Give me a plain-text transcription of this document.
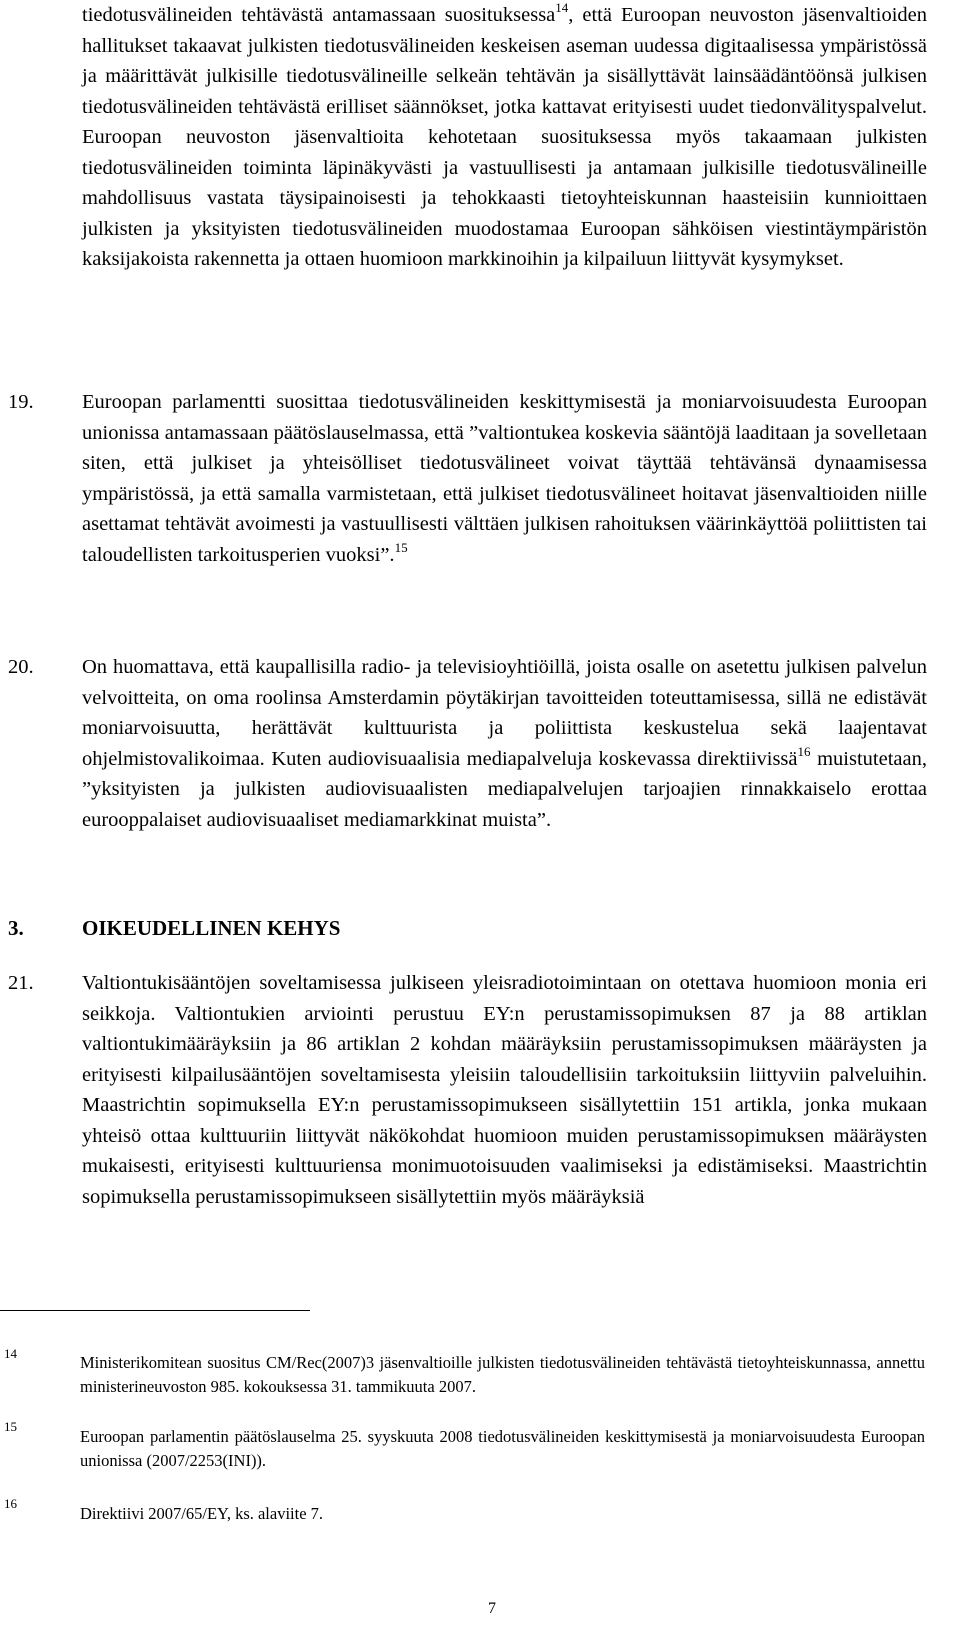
tiedotusvälineiden tehtävästä antamassaan suosituksessa$^{14}$, että Euroopan neuvoston jäsenvaltioiden hallitukset takaavat julkisten tiedotusvälineiden keskeisen aseman uudessa digitaalisessa ympäristössä ja määrittävät julkisille tiedotusvälineille selkeän tehtävän ja sisällyttävät lainsäädäntöönsä julkisen tiedotusvälineiden tehtävästä erilliset säännökset, jotka kattavat erityisesti uudet tiedonvälityspalvelut. Euroopan neuvoston jäsenvaltioita kehotetaan suosituksessa myös takaamaan julkisten tiedotusvälineiden toiminta läpinäkyvästi ja vastuullisesti ja antamaan julkisille tiedotusvälineille mahdollisuus vastata täysipainoisesti ja tehokkaasti tietoyhteiskunnan haasteisiin kunnioittaen julkisten ja yksityisten tiedotusvälineiden muodostamaa Euroopan sähköisen viestintäympäristön kaksijakoista rakennetta ja ottaen huomioon markkinoihin ja kilpailuun liittyvät kysymykset.

19. Euroopan parlamentti suosittaa tiedotusvälineiden keskittymisestä ja moniarvoisuudesta Euroopan unionissa antamassaan päätöslauselmassa, että ”valtiontukea koskevia sääntöjä laaditaan ja sovelletaan siten, että julkiset ja yhteisölliset tiedotusvälineet voivat täyttää tehtävänsä dynaamisessa ympäristössä, ja että samalla varmistetaan, että julkiset tiedotusvälineet hoitavat jäsenvaltioiden niille asettamat tehtävät avoimesti ja vastuullisesti välttäen julkisen rahoituksen väärinkäyttöä poliittisten tai taloudellisten tarkoitusperien vuoksi”.$^{15}$

20. On huomattava, että kaupallisilla radio- ja televisioyhtiöillä, joista osalle on asetettu julkisen palvelun velvoitteita, on oma roolinsa Amsterdamin pöytäkirjan tavoitteiden toteuttamisessa, sillä ne edistävät moniarvoisuutta, herättävät kulttuurista ja poliittista keskustelua sekä laajentavat ohjelmistovalikoimaa. Kuten audiovisuaalisia mediapalveluja koskevassa direktiivissä$^{16}$ muistutetaan, ”yksityisten ja julkisten audiovisuaalisten mediapalvelujen tarjoajien rinnakkaiselo erottaa eurooppalaiset audiovisuaaliset mediamarkkinat muista”.

3.	OIKEUDELLINEN KEHYS
21. Valtiontukisääntöjen soveltamisessa julkiseen yleisradiotoimintaan on otettava huomioon monia eri seikkoja. Valtiontukien arviointi perustuu EY:n perustamissopimuksen 87 ja 88 artiklan valtiontukimääräyksiin ja 86 artiklan 2 kohdan määräyksiin perustamissopimuksen määräysten ja erityisesti kilpailusääntöjen soveltamisesta yleisiin taloudellisiin tarkoituksiin liittyviin palveluihin. Maastrichtin sopimuksella EY:n perustamissopimukseen sisällytettiin 151 artikla, jonka mukaan yhteisö ottaa kulttuuriin liittyvät näkökohdat huomioon muiden perustamissopimuksen määräysten mukaisesti, erityisesti kulttuuriensa monimuotoisuuden vaalimiseksi ja edistämiseksi. Maastrichtin sopimuksella perustamissopimukseen sisällytettiin myös määräyksiä

14	Ministerikomitean suositus CM/Rec(2007)3 jäsenvaltioille julkisten tiedotusvälineiden tehtävästä tietoyhteiskunnassa, annettu ministerineuvoston 985. kokouksessa 31. tammikuuta 2007.
15
Euroopan parlamentin päätöslauselma 25. syyskuuta 2008 tiedotusvälineiden keskittymisestä ja moniarvoisuudesta Euroopan unionissa (2007/2253(INI)).
16
Direktiivi 2007/65/EY, ks. alaviite 7.
7
